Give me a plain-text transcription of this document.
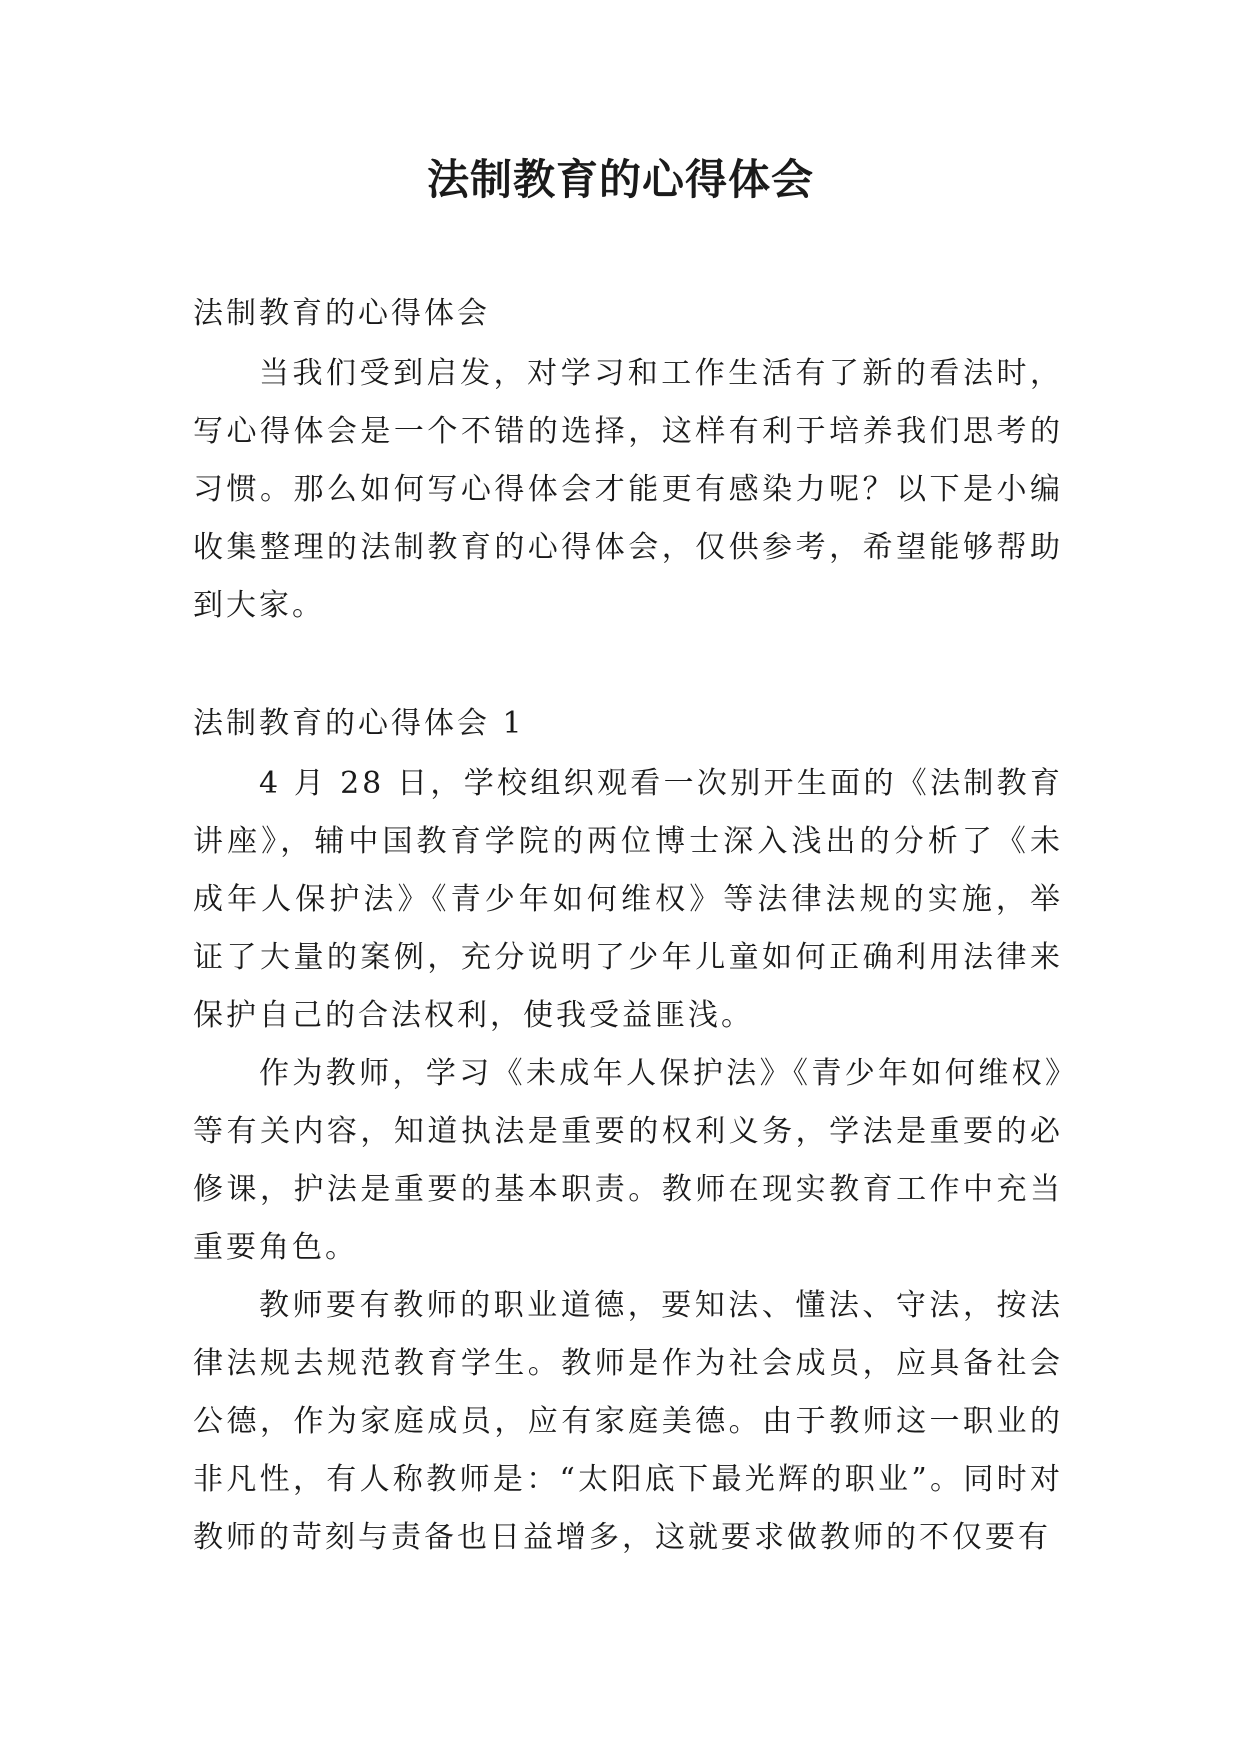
法制教育的心得体会

法制教育的心得体会

当我们受到启发，对学习和工作生活有了新的看法时，写心得体会是一个不错的选择，这样有利于培养我们思考的习惯。那么如何写心得体会才能更有感染力呢？以下是小编收集整理的法制教育的心得体会，仅供参考，希望能够帮助到大家。

法制教育的心得体会 1

4 月 28 日，学校组织观看一次别开生面的《法制教育讲座》，辅中国教育学院的两位博士深入浅出的分析了《未成年人保护法》《青少年如何维权》等法律法规的实施，举证了大量的案例，充分说明了少年儿童如何正确利用法律来保护自己的合法权利，使我受益匪浅。

作为教师，学习《未成年人保护法》《青少年如何维权》等有关内容，知道执法是重要的权利义务，学法是重要的必修课，护法是重要的基本职责。教师在现实教育工作中充当重要角色。

教师要有教师的职业道德，要知法、懂法、守法，按法律法规去规范教育学生。教师是作为社会成员，应具备社会公德，作为家庭成员，应有家庭美德。由于教师这一职业的非凡性，有人称教师是：“太阳底下最光辉的职业”。同时对教师的苛刻与责备也日益增多，这就要求做教师的不仅要有
